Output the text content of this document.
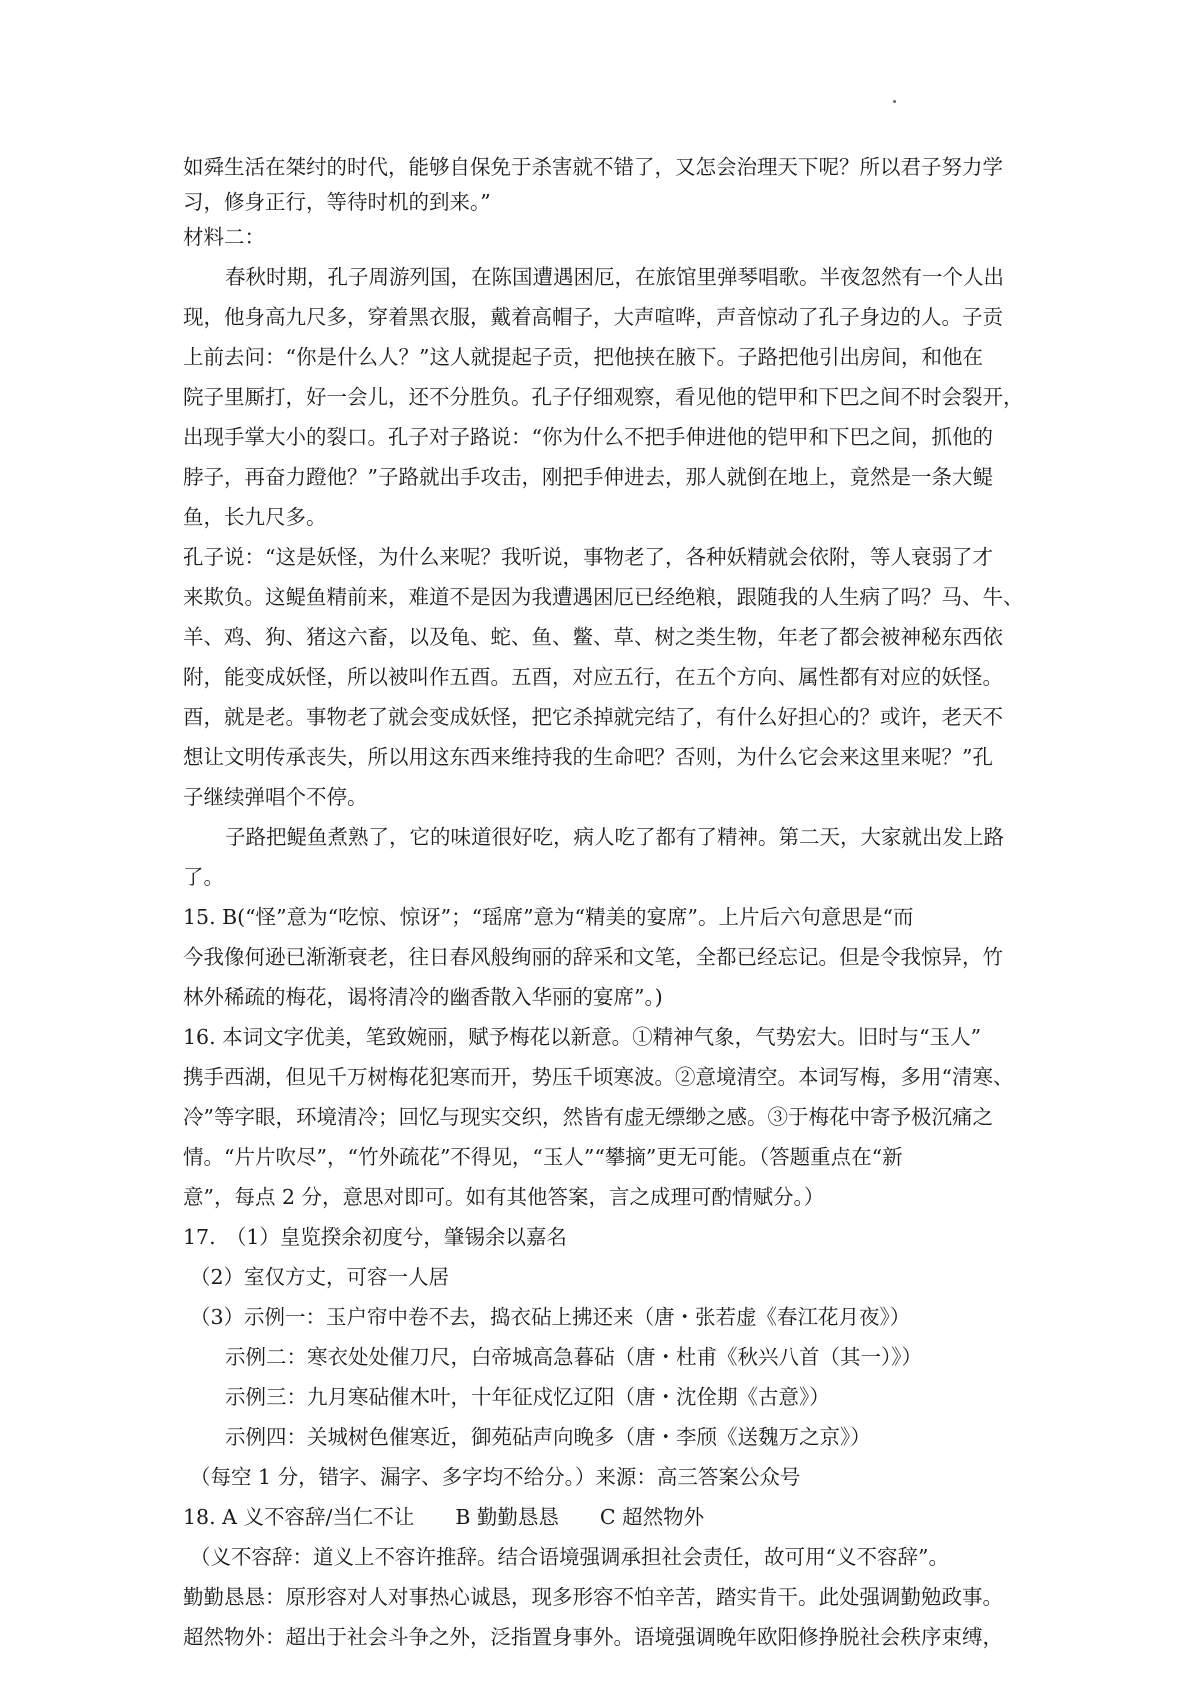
如舜生活在桀纣的时代，能够自保免于杀害就不错了，又怎会治理天下呢？所以君子努力学
习，修身正行，等待时机的到来。”
材料二：
春秋时期，孔子周游列国，在陈国遭遇困厄，在旅馆里弹琴唱歌。半夜忽然有一个人出
现，他身高九尺多，穿着黑衣服，戴着高帽子，大声喧哗，声音惊动了孔子身边的人。子贡
上前去问：“你是什么人？”这人就提起子贡，把他挟在腋下。子路把他引出房间，和他在
院子里厮打，好一会儿，还不分胜负。孔子仔细观察，看见他的铠甲和下巴之间不时会裂开，
出现手掌大小的裂口。孔子对子路说：“你为什么不把手伸进他的铠甲和下巴之间，抓他的
脖子，再奋力蹬他？”子路就出手攻击，刚把手伸进去，那人就倒在地上，竟然是一条大鳀
鱼，长九尺多。
孔子说：“这是妖怪，为什么来呢？我听说，事物老了，各种妖精就会依附，等人衰弱了才
来欺负。这鳀鱼精前来，难道不是因为我遭遇困厄已经绝粮，跟随我的人生病了吗？马、牛、
羊、鸡、狗、猪这六畜，以及龟、蛇、鱼、鳖、草、树之类生物，年老了都会被神秘东西依
附，能变成妖怪，所以被叫作五酉。五酉，对应五行，在五个方向、属性都有对应的妖怪。
酉，就是老。事物老了就会变成妖怪，把它杀掉就完结了，有什么好担心的？或许，老天不
想让文明传承丧失，所以用这东西来维持我的生命吧？否则，为什么它会来这里来呢？”孔
子继续弹唱个不停。
子路把鳀鱼煮熟了，它的味道很好吃，病人吃了都有了精神。第二天，大家就出发上路
了。
15. B(“怪”意为“吃惊、惊讶”；“瑶席”意为“精美的宴席”。上片后六句意思是“而
今我像何逊已渐渐衰老，往日春风般绚丽的辞采和文笔，全都已经忘记。但是令我惊异，竹
林外稀疏的梅花，谒将清冷的幽香散入华丽的宴席”。)
16. 本词文字优美，笔致婉丽，赋予梅花以新意。①精神气象，气势宏大。旧时与“玉人”
携手西湖，但见千万树梅花犯寒而开，势压千顷寒波。②意境清空。本词写梅，多用“清寒、
冷”等字眼，环境清冷；回忆与现实交织，然皆有虚无缥缈之感。③于梅花中寄予极沉痛之
情。“片片吹尽”，“竹外疏花”不得见，“玉人”“攀摘”更无可能。（答题重点在“新
意”，每点 2 分，意思对即可。如有其他答案，言之成理可酌情赋分。）
17.　（1）皇览揆余初度兮，肇锡余以嘉名
（2）室仅方丈，可容一人居
（3）示例一：玉户帘中卷不去，捣衣砧上拂还来（唐・张若虚《春江花月夜》）
示例二：寒衣处处催刀尺，白帝城高急暮砧（唐・杜甫《秋兴八首（其一）》）
示例三：九月寒砧催木叶，十年征戍忆辽阳（唐・沈佺期《古意》）
示例四：关城树色催寒近，御苑砧声向晚多（唐・李颀《送魏万之京》）
（每空 1 分，错字、漏字、多字均不给分。）来源：高三答案公众号
18. A 义不容辞/当仁不让　　B 勤勤恳恳　　C 超然物外
（义不容辞：道义上不容许推辞。结合语境强调承担社会责任，故可用“义不容辞”。
勤勤恳恳：原形容对人对事热心诚恳，现多形容不怕辛苦，踏实肯干。此处强调勤勉政事。
超然物外：超出于社会斗争之外，泛指置身事外。语境强调晚年欧阳修挣脱社会秩序束缚，
